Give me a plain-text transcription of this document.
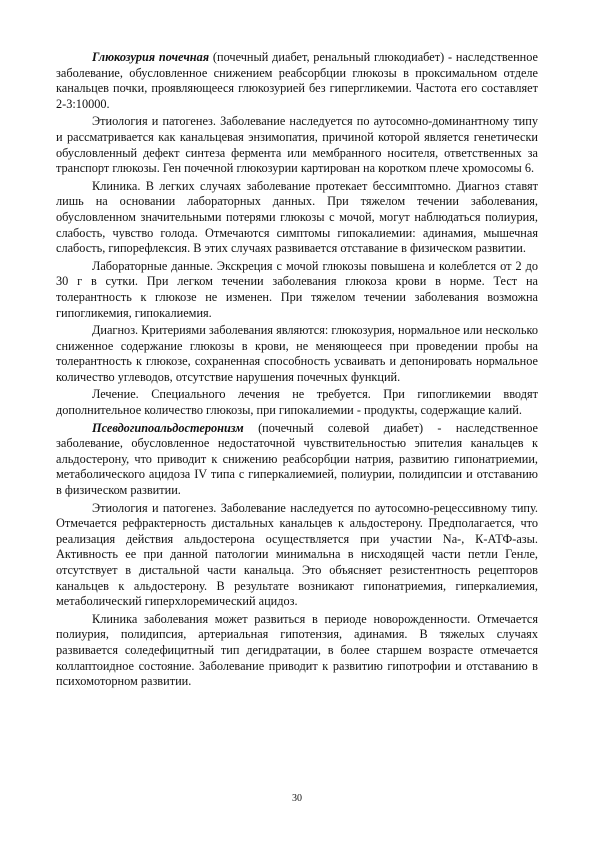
Глюкозурия почечная (почечный диабет, ренальный глюкодиабет) - наследственное заболевание, обусловленное снижением реабсорбции глюкозы в проксимальном отделе канальцев почки, проявляющееся глюкозурией без гипергликемии. Частота его составляет 2-3:10000.

Этиология и патогенез. Заболевание наследуется по аутосомно-доминантному типу и рассматривается как канальцевая энзимопатия, причиной которой является генетически обусловленный дефект синтеза фермента или мембранного носителя, ответственных за транспорт глюкозы. Ген почечной глюкозурии картирован на коротком плече хромосомы 6.

Клиника. В легких случаях заболевание протекает бессимптомно. Диагноз ставят лишь на основании лабораторных данных. При тяжелом течении заболевания, обусловленном значительными потерями глюкозы с мочой, могут наблюдаться полиурия, слабость, чувство голода. Отмечаются симптомы гипокалиемии: адинамия, мышечная слабость, гипорефлексия. В этих случаях развивается отставание в физическом развитии.

Лабораторные данные. Экскреция с мочой глюкозы повышена и колеблется от 2 до 30 г в сутки. При легком течении заболевания глюкоза крови в норме. Тест на толерантность к глюкозе не изменен. При тяжелом течении заболевания возможна гипогликемия, гипокалиемия.

Диагноз. Критериями заболевания являются: глюкозурия, нормальное или несколько сниженное содержание глюкозы в крови, не меняющееся при проведении пробы на толерантность к глюкозе, сохраненная способность усваивать и депонировать нормальное количество углеводов, отсутствие нарушения почечных функций.

Лечение. Специального лечения не требуется. При гипогликемии вводят дополнительное количество глюкозы, при гипокалиемии - продукты, содержащие калий.

Псевдогипоальдостеронизм (почечный солевой диабет) - наследственное заболевание, обусловленное недостаточной чувствительностью эпителия канальцев к альдостерону, что приводит к снижению реабсорбции натрия, развитию гипонатриемии, метаболического ацидоза IV типа с гиперкалиемией, полиурии, полидипсии и отставанию в физическом развитии.

Этиология и патогенез. Заболевание наследуется по аутосомно-рецессивному типу. Отмечается рефрактерность дистальных канальцев к альдостерону. Предполагается, что реализация действия альдостерона осуществляется при участии Na-, К-АТФ-азы. Активность ее при данной патологии минимальна в нисходящей части петли Генле, отсутствует в дистальной части канальца. Это объясняет резистентность рецепторов канальцев к альдостерону. В результате возникают гипонатриемия, гиперкалиемия, метаболический гиперхлоремический ацидоз.

Клиника заболевания может развиться в периоде новорожденности. Отмечается полиурия, полидипсия, артериальная гипотензия, адинамия. В тяжелых случаях развивается соледефицитный тип дегидратации, в более старшем возрасте отмечается коллаптоидное состояние. Заболевание приводит к развитию гипотрофии и отставанию в психомоторном развитии.

30
